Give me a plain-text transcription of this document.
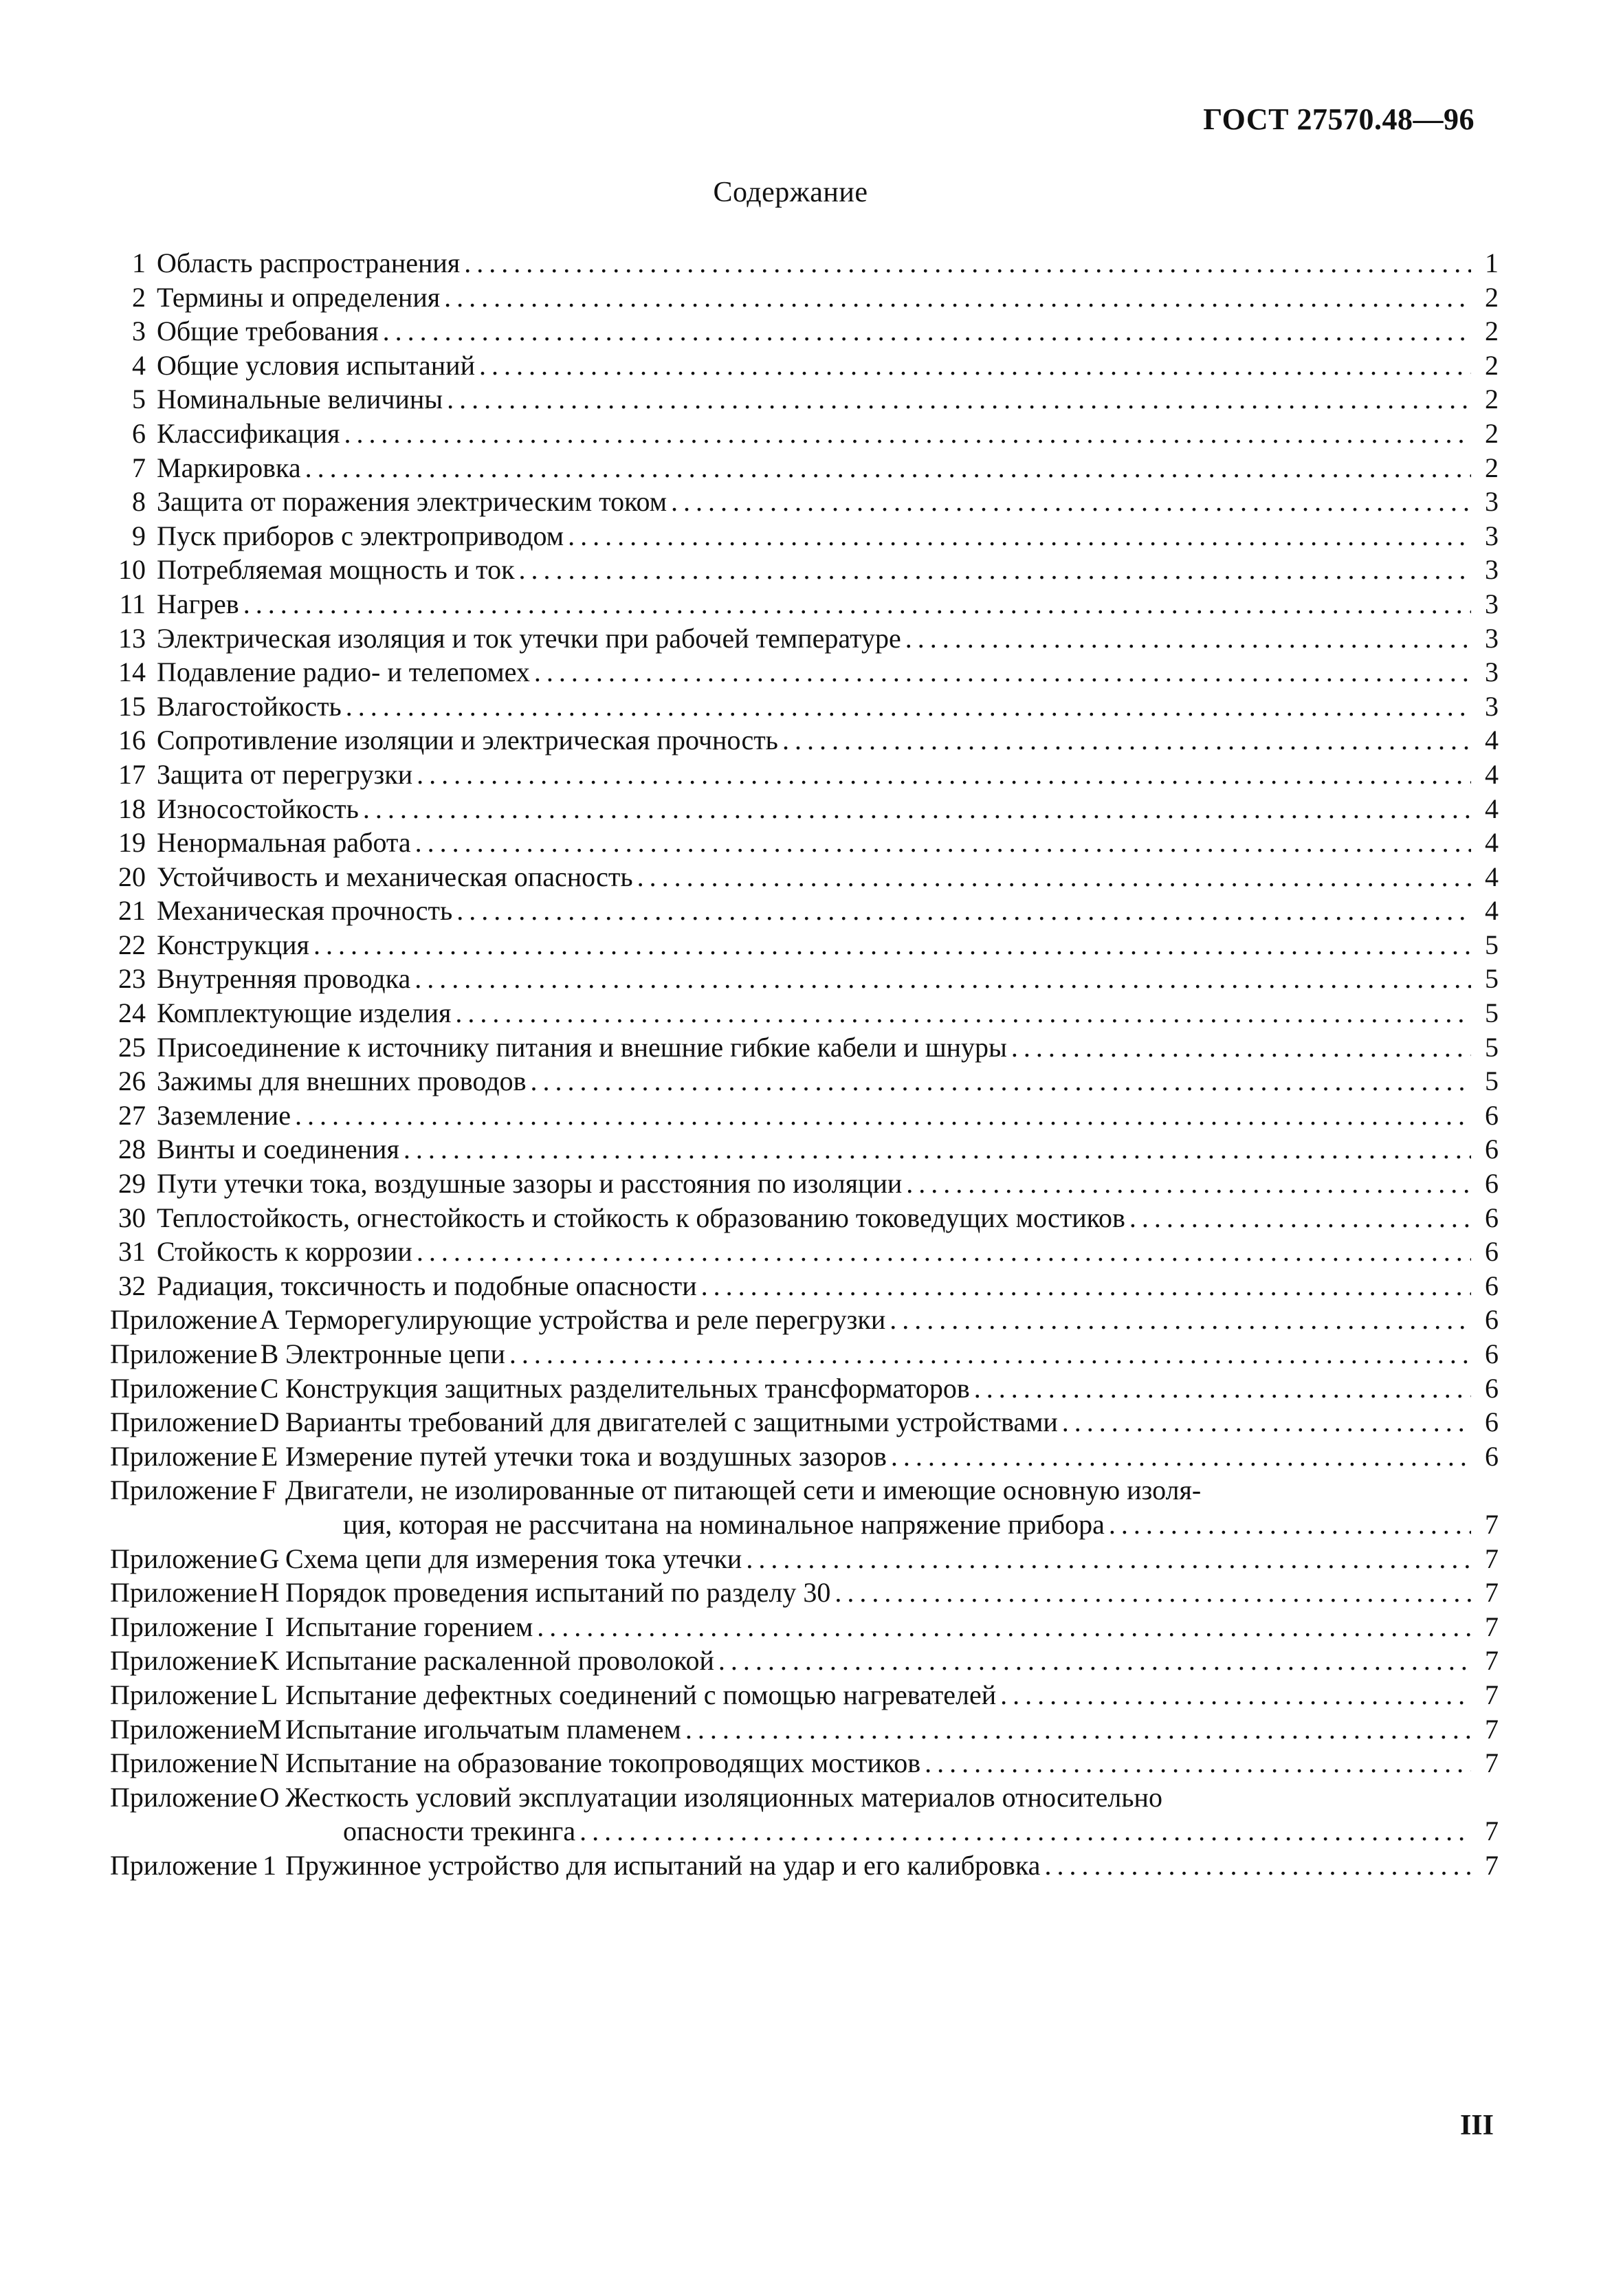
ГОСТ 27570.48—96
Содержание
1 Область распространения . . .	1
2 Термины и определения . . .	2
3 Общие требования . . .	2
4 Общие условия испытаний . . .	2
5 Номинальные величины . . .	2
6 Классификация . . .	2
7 Маркировка . . .	2
8 Защита от поражения электрическим током . . .	3
9 Пуск приборов с электроприводом . . .	3
10 Потребляемая мощность и ток . . .	3
11 Нагрев . . .	3
13 Электрическая изоляция и ток утечки при рабочей температуре . . .	3
14 Подавление радио- и телепомех . . .	3
15 Влагостойкость . . .	3
16 Сопротивление изоляции и электрическая прочность . . .	4
17 Защита от перегрузки . . .	4
18 Износостойкость . . .	4
19 Ненормальная работа . . .	4
20 Устойчивость и механическая опасность . . .	4
21 Механическая прочность . . .	4
22 Конструкция . . .	5
23 Внутренняя проводка . . .	5
24 Комплектующие изделия . . .	5
25 Присоединение к источнику питания и внешние гибкие кабели и шнуры . . .	5
26 Зажимы для внешних проводов . . .	5
27 Заземление . . .	6
28 Винты и соединения . . .	6
29 Пути утечки тока, воздушные зазоры и расстояния по изоляции . . .	6
30 Теплостойкость, огнестойкость и стойкость к образованию токоведущих мостиков . . .	6
31 Стойкость к коррозии . . .	6
32 Радиация, токсичность и подобные опасности . . .	6
ПриложениеA Терморегулирующие устройства и реле перегрузки . . .	6
ПриложениеB Электронные цепи . . .	6
ПриложениеC Конструкция защитных разделительных трансформаторов . . .	6
ПриложениеD Варианты требований для двигателей с защитными устройствами . . .	6
Приложение E Измерение путей утечки тока и воздушных зазоров . . .	6
Приложение F Двигатели, не изолированные от питающей сети и имеющие основную изоля-
ция, которая не рассчитана на номинальное напряжение прибора . . .	7
ПриложениеG Схема цепи для измерения тока утечки . . .	7
ПриложениеH Порядок проведения испытаний по разделу 30 . . .	7
Приложение I Испытание горением . . .	7
ПриложениеK Испытание раскаленной проволокой . . .	7
Приложение L Испытание дефектных соединений с помощью нагревателей . . .	7
ПриложениеM Испытание игольчатым пламенем . . .	7
ПриложениеN Испытание на образование токопроводящих мостиков . . .	7
ПриложениеO Жесткость условий эксплуатации изоляционных материалов относительно
опасности трекинга . . .	7
Приложение 1 Пружинное устройство для испытаний на удар и его калибровка . . .	7
III
